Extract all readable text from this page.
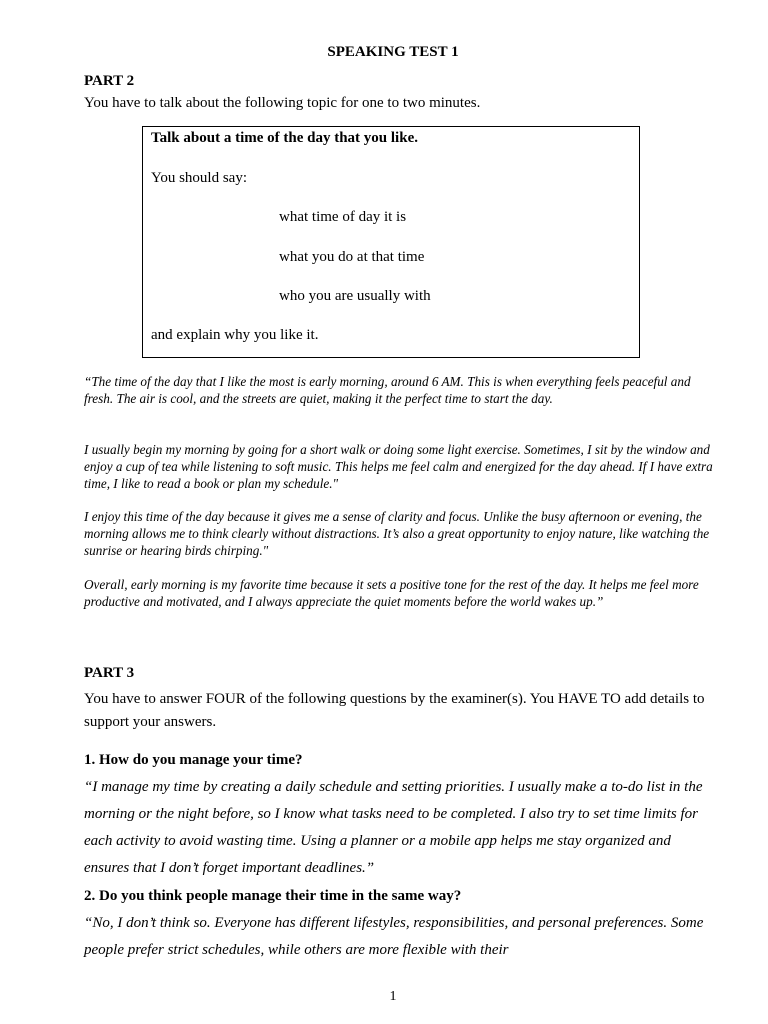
SPEAKING TEST 1
PART 2
You have to talk about the following topic for one to two minutes.
Talk about a time of the day that you like.
You should say:
what time of day it is
what you do at that time
who you are usually with
and explain why you like it.
“The time of the day that I like the most is early morning, around 6 AM. This is when everything feels peaceful and fresh. The air is cool, and the streets are quiet, making it the perfect time to start the day.
I usually begin my morning by going for a short walk or doing some light exercise. Sometimes, I sit by the window and enjoy a cup of tea while listening to soft music. This helps me feel calm and energized for the day ahead. If I have extra time, I like to read a book or plan my schedule."
I enjoy this time of the day because it gives me a sense of clarity and focus. Unlike the busy afternoon or evening, the morning allows me to think clearly without distractions. It’s also a great opportunity to enjoy nature, like watching the sunrise or hearing birds chirping."
Overall, early morning is my favorite time because it sets a positive tone for the rest of the day. It helps me feel more productive and motivated, and I always appreciate the quiet moments before the world wakes up.”
PART 3
You have to answer FOUR of the following questions by the examiner(s). You HAVE TO add details to support your answers.
1. How do you manage your time?
“I manage my time by creating a daily schedule and setting priorities. I usually make a to-do list in the morning or the night before, so I know what tasks need to be completed. I also try to set time limits for each activity to avoid wasting time. Using a planner or a mobile app helps me stay organized and ensures that I don’t forget important deadlines.”
2. Do you think people manage their time in the same way?
“No, I don’t think so. Everyone has different lifestyles, responsibilities, and personal preferences. Some people prefer strict schedules, while others are more flexible with their
1
